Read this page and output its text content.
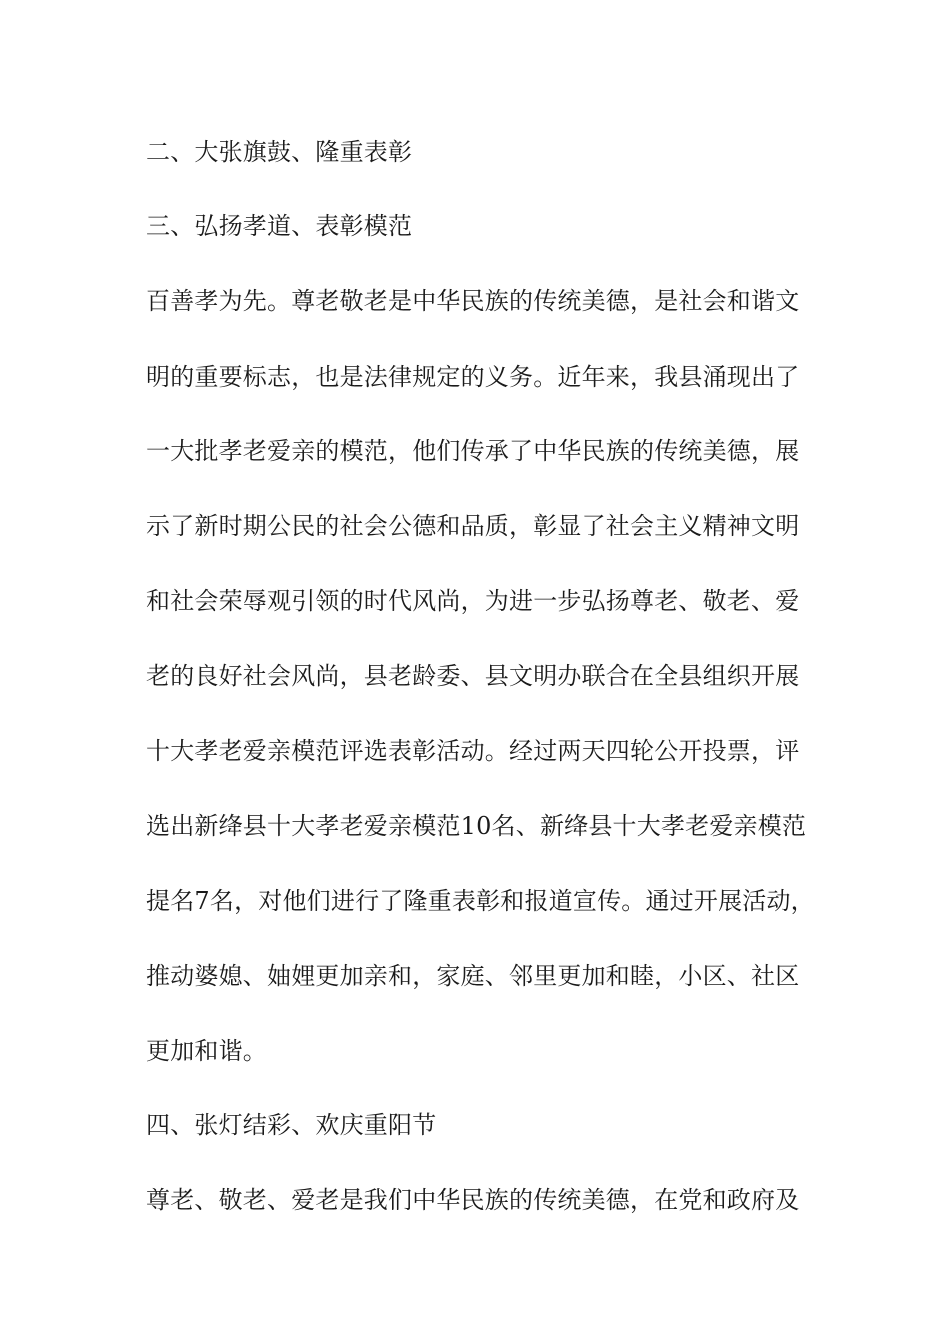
二、大张旗鼓、隆重表彰
三、弘扬孝道、表彰模范
百善孝为先。尊老敬老是中华民族的传统美德，是社会和谐文
明的重要标志，也是法律规定的义务。近年来，我县涌现出了
一大批孝老爱亲的模范，他们传承了中华民族的传统美德，展
示了新时期公民的社会公德和品质，彰显了社会主义精神文明
和社会荣辱观引领的时代风尚，为进一步弘扬尊老、敬老、爱
老的良好社会风尚，县老龄委、县文明办联合在全县组织开展
十大孝老爱亲模范评选表彰活动。经过两天四轮公开投票，评
选出新绛县十大孝老爱亲模范10名、新绛县十大孝老爱亲模范
提名7名，对他们进行了隆重表彰和报道宣传。通过开展活动，
推动婆媳、妯娌更加亲和，家庭、邻里更加和睦，小区、社区
更加和谐。
四、张灯结彩、欢庆重阳节
尊老、敬老、爱老是我们中华民族的传统美德，在党和政府及
